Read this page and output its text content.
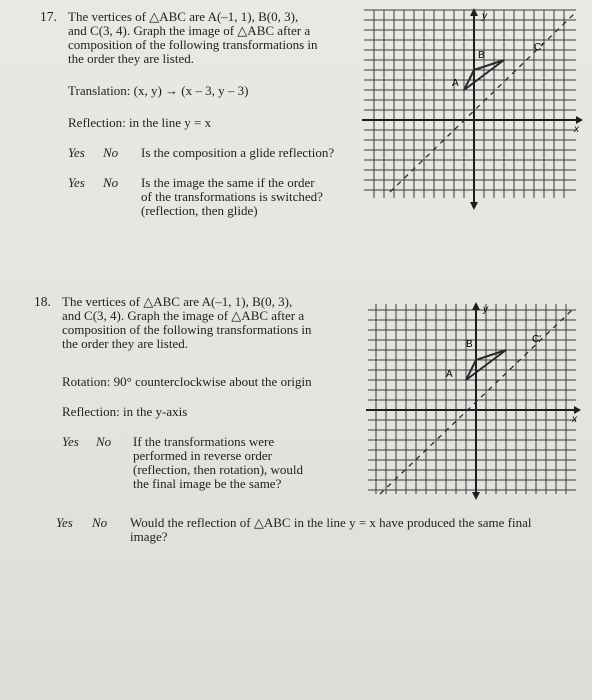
17. The vertices of △ABC are A(–1, 1), B(0, 3),
and C(3, 4). Graph the image of △ABC after a
composition of the following transformations in
the order they are listed.
Translation: (x, y) → (x – 3, y – 3)
Reflection: in the line y = x
Yes No Is the composition a glide reflection?
Yes No Is the image the same if the order
of the transformations is switched?
(reflection, then glide)
y
x
A
B
C'
18. The vertices of △ABC are A(–1, 1), B(0, 3),
and C(3, 4). Graph the image of △ABC after a
composition of the following transformations in
the order they are listed.
Rotation: 90° counterclockwise about the origin
Reflection: in the y-axis
Yes No If the transformations were
performed in reverse order
(reflection, then rotation), would
the final image be the same?
Yes No Would the reflection of △ABC in the line y = x have produced the same final
image?
y
x
A
B	C'
